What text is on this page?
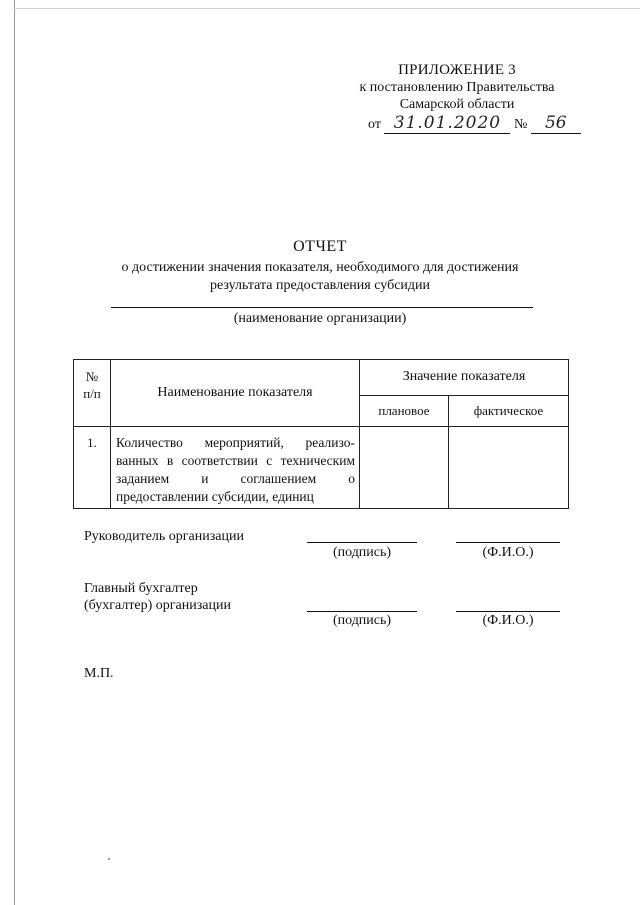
ПРИЛОЖЕНИЕ 3
к постановлению Правительства
Самарской области
от 31.01.2020 № 56
ОТЧЕТ
о достижении значения показателя, необходимого для достижения
результата предоставления субсидии
(наименование организации)
№
п/п	Наименование показателя	Значение показателя	
		плановое	фактическое
1.	Количество мероприятий, реализо-
ванных в соответствии с техническим
заданием и соглашением о
предоставлении субсидии, единиц		

Руководитель организации
(подпись)	(Ф.И.О.)
Главный бухгалтер
(бухгалтер) организации
(подпись)	(Ф.И.О.)
М.П.
